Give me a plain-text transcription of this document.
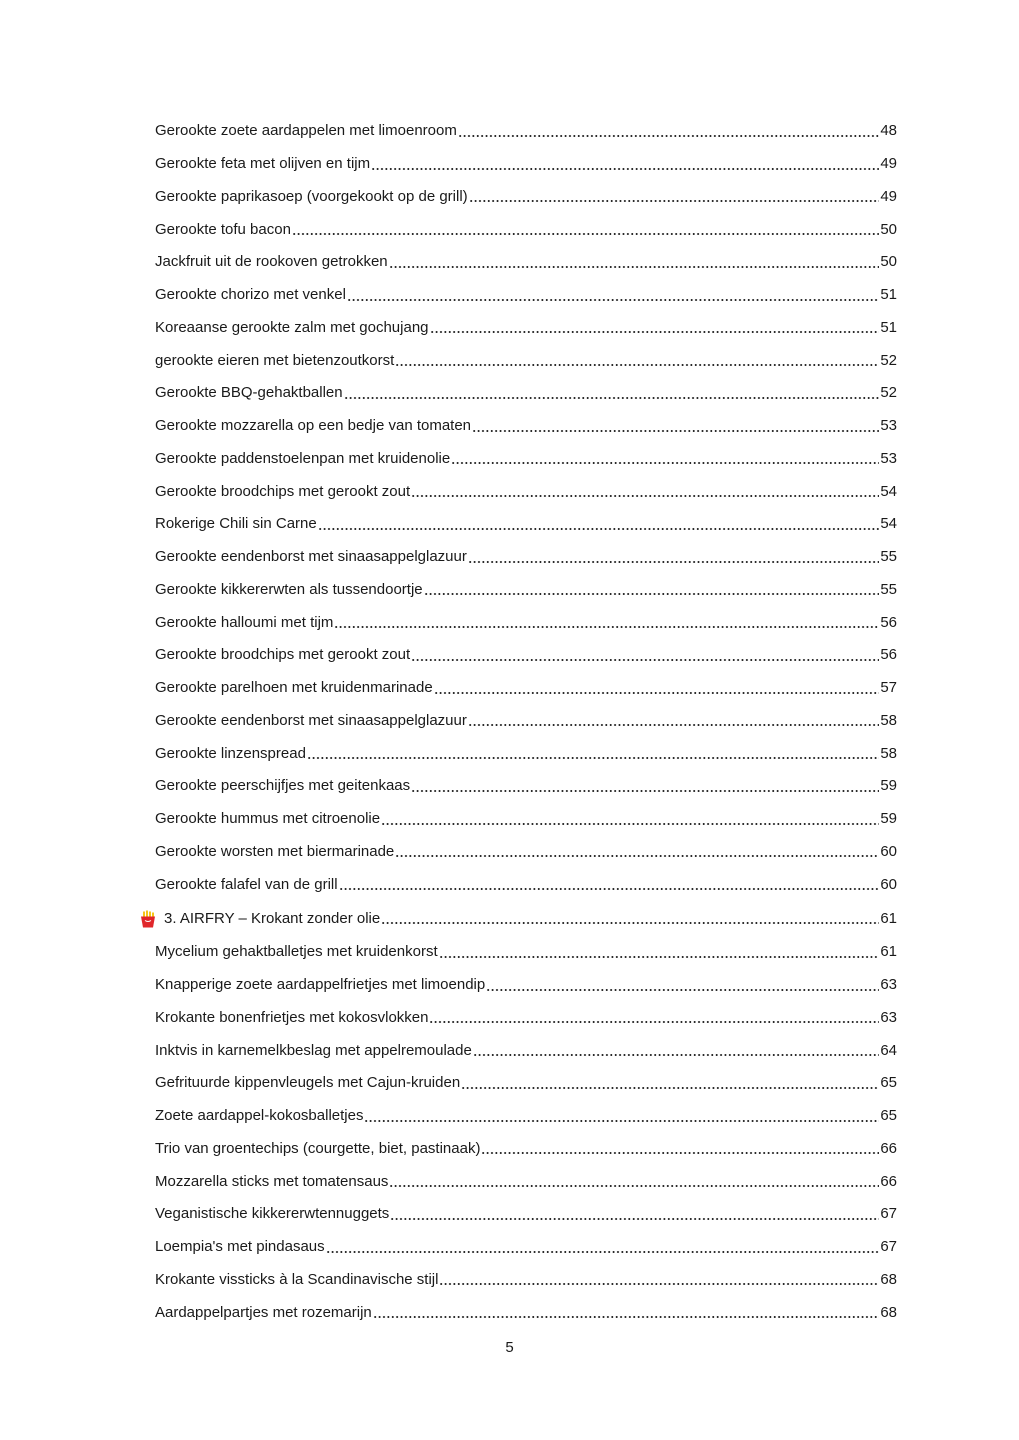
Gerookte zoete aardappelen met limoenroom	48
Gerookte feta met olijven en tijm	49
Gerookte paprikasoep (voorgekookt op de grill)	49
Gerookte tofu bacon	50
Jackfruit uit de rookoven getrokken	50
Gerookte chorizo met venkel	51
Koreaanse gerookte zalm met gochujang	51
gerookte eieren met bietenzoutkorst	52
Gerookte BBQ-gehaktballen	52
Gerookte mozzarella op een bedje van tomaten	53
Gerookte paddenstoelenpan met kruidenolie	53
Gerookte broodchips met gerookt zout	54
Rokerige Chili sin Carne	54
Gerookte eendenborst met sinaasappelglazuur	55
Gerookte kikkererwten als tussendoortje	55
Gerookte halloumi met tijm	56
Gerookte broodchips met gerookt zout	56
Gerookte parelhoen met kruidenmarinade	57
Gerookte eendenborst met sinaasappelglazuur	58
Gerookte linzenspread	58
Gerookte peerschijfjes met geitenkaas	59
Gerookte hummus met citroenolie	59
Gerookte worsten met biermarinade	60
Gerookte falafel van de grill	60
3. AIRFRY – Krokant zonder olie	61
Mycelium gehaktballetjes met kruidenkorst	61
Knapperige zoete aardappelfrietjes met limoendip	63
Krokante bonenfrietjes met kokosvlokken	63
Inktvis in karnemelkbeslag met appelremoulade	64
Gefrituurde kippenvleugels met Cajun-kruiden	65
Zoete aardappel-kokosballetjes	65
Trio van groentechips (courgette, biet, pastinaak)	66
Mozzarella sticks met tomatensaus	66
Veganistische kikkererwtennuggets	67
Loempia's met pindasaus	67
Krokante vissticks à la Scandinavische stijl	68
Aardappelpartjes met rozemarijn	68
5
